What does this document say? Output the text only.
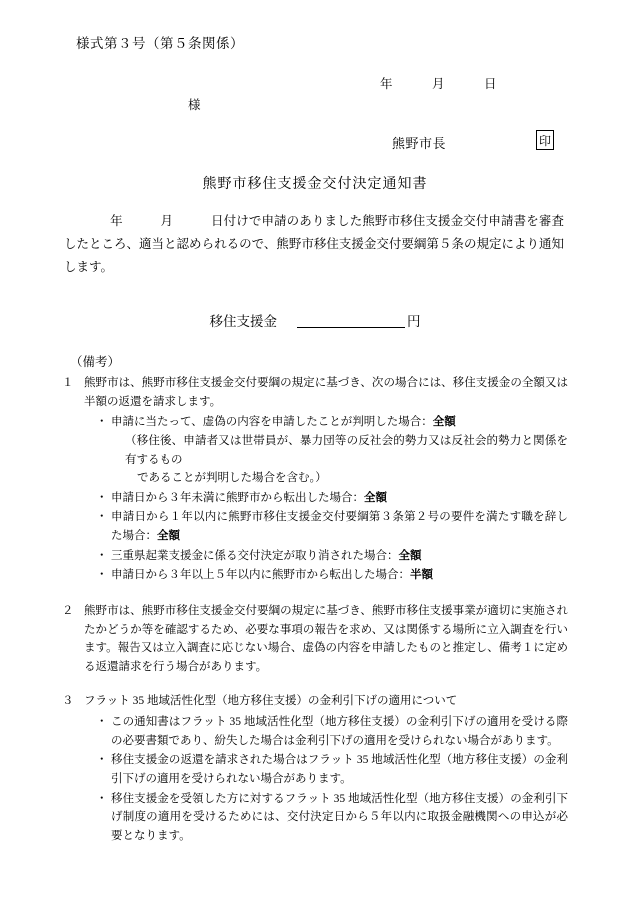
様式第３号（第５条関係）
年　　　月　　　日
様
熊野市長	印
熊野市移住支援金交付決定通知書
年　　　月　　　日付けで申請のありました熊野市移住支援金交付申請書を審査したところ、適当と認められるので、熊野市移住支援金交付要綱第５条の規定により通知します。
移住支援金	円
（備考）
１ 熊野市は、熊野市移住支援金交付要綱の規定に基づき、次の場合には、移住支援金の全額又は半額の返還を請求します。
・ 申請に当たって、虚偽の内容を申請したことが判明した場合：全額
（移住後、申請者又は世帯員が、暴力団等の反社会的勢力又は反社会的勢力と関係を有するもの
であることが判明した場合を含む。）
・ 申請日から３年未満に熊野市から転出した場合：全額
・ 申請日から１年以内に熊野市移住支援金交付要綱第３条第２号の要件を満たす職を辞した場合：全額
・ 三重県起業支援金に係る交付決定が取り消された場合：全額
・ 申請日から３年以上５年以内に熊野市から転出した場合：半額
２ 熊野市は、熊野市移住支援金交付要綱の規定に基づき、熊野市移住支援事業が適切に実施されたかどうか等を確認するため、必要な事項の報告を求め、又は関係する場所に立入調査を行います。報告又は立入調査に応じない場合、虚偽の内容を申請したものと推定し、備考１に定める返還請求を行う場合があります。
３ フラット 35 地域活性化型（地方移住支援）の金利引下げの適用について
・ この通知書はフラット 35 地域活性化型（地方移住支援）の金利引下げの適用を受ける際の必要書類であり、紛失した場合は金利引下げの適用を受けられない場合があります。
・ 移住支援金の返還を請求された場合はフラット 35 地域活性化型（地方移住支援）の金利引下げの適用を受けられない場合があります。
・ 移住支援金を受領した方に対するフラット 35 地域活性化型（地方移住支援）の金利引下げ制度の適用を受けるためには、交付決定日から５年以内に取扱金融機関への申込が必要となります。
